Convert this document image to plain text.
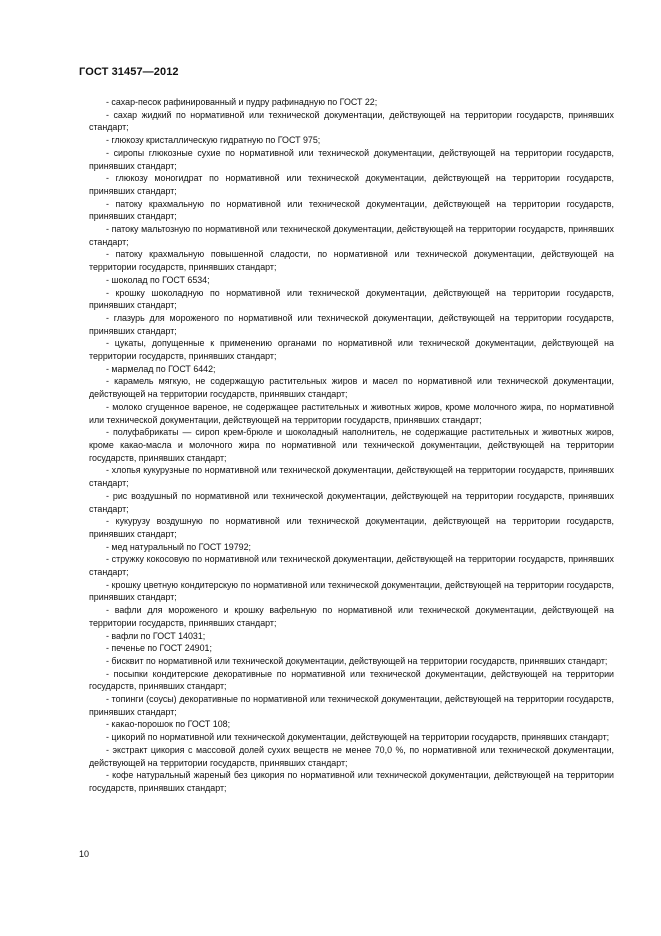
ГОСТ 31457—2012

- сахар-песок рафинированный и пудру рафинадную по ГОСТ 22;

- сахар жидкий по нормативной или технической документации, действующей на территории государств, принявших стандарт;

- глюкозу кристаллическую гидратную по ГОСТ 975;

- сиропы глюкозные сухие по нормативной или технической документации, действующей на территории государств, принявших стандарт;

- глюкозу моногидрат по нормативной или технической документации, действующей на территории государств, принявших стандарт;

- патоку крахмальную по нормативной или технической документации, действующей на территории государств, принявших стандарт;

- патоку мальтозную по нормативной или технической документации, действующей на территории государств, принявших стандарт;

- патоку крахмальную повышенной сладости, по нормативной или технической документации, действующей на территории государств, принявших стандарт;

- шоколад по ГОСТ 6534;

- крошку шоколадную по нормативной или технической документации, действующей на территории государств, принявших стандарт;

- глазурь для мороженого по нормативной или технической документации, действующей на территории государств, принявших стандарт;

- цукаты, допущенные к применению органами по нормативной или технической документации, действующей на территории государств, принявших стандарт;

- мармелад по ГОСТ 6442;

- карамель мягкую, не содержащую растительных жиров и масел по нормативной или технической документации, действующей на территории государств, принявших стандарт;

- молоко сгущенное вареное, не содержащее растительных и животных жиров, кроме молочного жира, по нормативной или технической документации, действующей на территории государств, принявших стандарт;

- полуфабрикаты — сироп крем-брюле и шоколадный наполнитель, не содержащие растительных и животных жиров, кроме какао-масла и молочного жира по нормативной или технической документации, действующей на территории государств, принявших стандарт;

- хлопья кукурузные по нормативной или технической документации, действующей на территории государств, принявших стандарт;

- рис воздушный по нормативной или технической документации, действующей на территории государств, принявших стандарт;

- кукурузу воздушную по нормативной или технической документации, действующей на территории государств, принявших стандарт;

- мед натуральный по ГОСТ 19792;

- стружку кокосовую по нормативной или технической документации, действующей на территории государств, принявших стандарт;

- крошку цветную кондитерскую по нормативной или технической документации, действующей на территории государств, принявших стандарт;

- вафли для мороженого и крошку вафельную по нормативной или технической документации, действующей на территории государств, принявших стандарт;

- вафли по ГОСТ 14031;

- печенье по ГОСТ 24901;

- бисквит по нормативной или технической документации, действующей на территории государств, принявших стандарт;

- посыпки кондитерские декоративные по нормативной или технической документации, действующей на территории государств, принявших стандарт;

- топинги (соусы) декоративные по нормативной или технической документации, действующей на территории государств, принявших стандарт;

- какао-порошок по ГОСТ 108;

- цикорий по нормативной или технической документации, действующей на территории государств, принявших стандарт;

- экстракт цикория с массовой долей сухих веществ не менее 70,0 %, по нормативной или технической документации, действующей на территории государств, принявших стандарт;

- кофе натуральный жареный без цикория по нормативной или технической документации, действующей на территории государств, принявших стандарт;

10
